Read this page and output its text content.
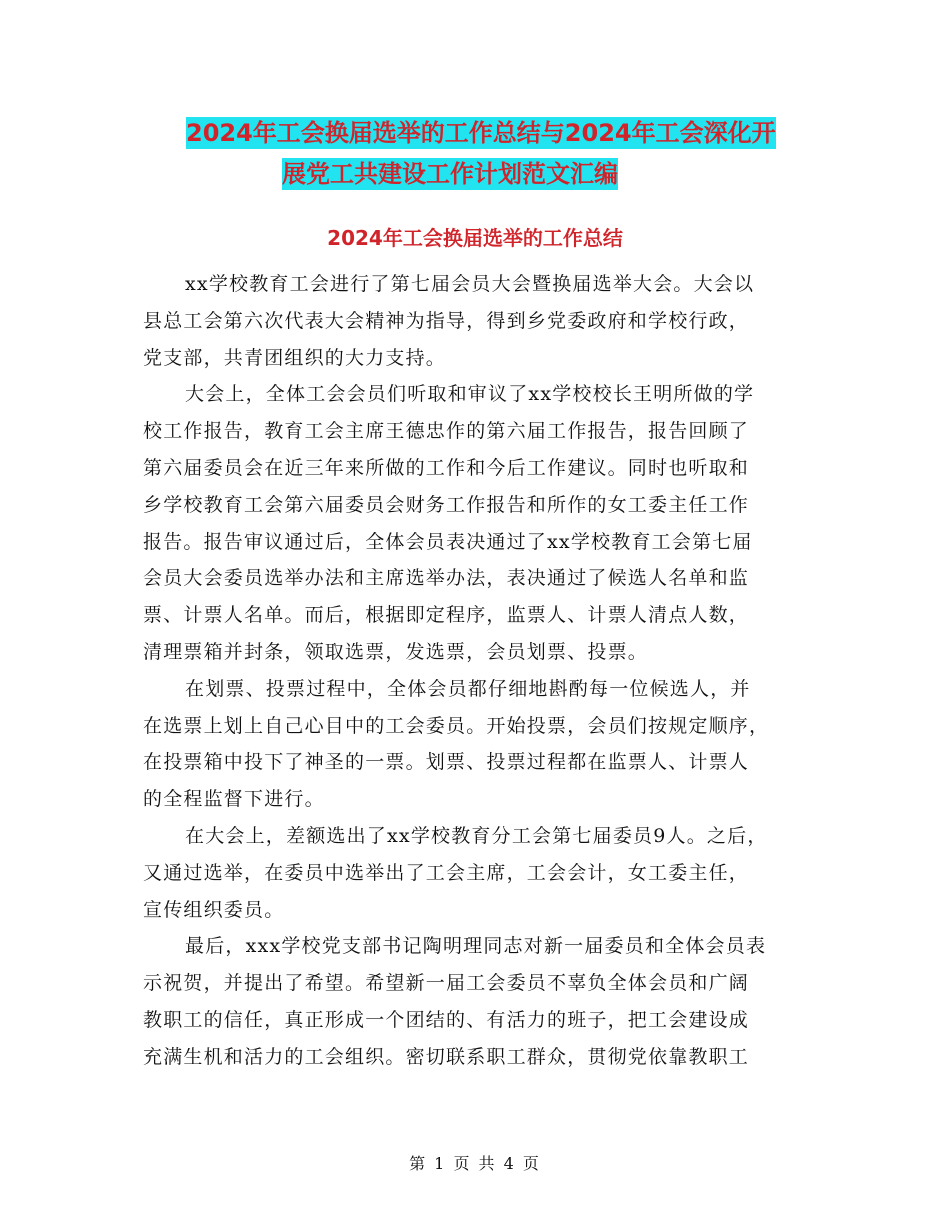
2024年工会换届选举的工作总结与2024年工会深化开
展党工共建设工作计划范文汇编
2024年工会换届选举的工作总结
xx学校教育工会进行了第七届会员大会暨换届选举大会。大会以
县总工会第六次代表大会精神为指导，得到乡党委政府和学校行政，
党支部，共青团组织的大力支持。
大会上，全体工会会员们听取和审议了xx学校校长王明所做的学
校工作报告，教育工会主席王德忠作的第六届工作报告，报告回顾了
第六届委员会在近三年来所做的工作和今后工作建议。同时也听取和
乡学校教育工会第六届委员会财务工作报告和所作的女工委主任工作
报告。报告审议通过后，全体会员表决通过了xx学校教育工会第七届
会员大会委员选举办法和主席选举办法，表决通过了候选人名单和监
票、计票人名单。而后，根据即定程序，监票人、计票人清点人数，
清理票箱并封条，领取选票，发选票，会员划票、投票。
在划票、投票过程中，全体会员都仔细地斟酌每一位候选人，并
在选票上划上自己心目中的工会委员。开始投票，会员们按规定顺序，
在投票箱中投下了神圣的一票。划票、投票过程都在监票人、计票人
的全程监督下进行。
在大会上，差额选出了xx学校教育分工会第七届委员9人。之后，
又通过选举，在委员中选举出了工会主席，工会会计，女工委主任，
宣传组织委员。
最后，xxx学校党支部书记陶明理同志对新一届委员和全体会员表
示祝贺，并提出了希望。希望新一届工会委员不辜负全体会员和广阔
教职工的信任，真正形成一个团结的、有活力的班子，把工会建设成
充满生机和活力的工会组织。密切联系职工群众，贯彻党依靠教职工
第 1 页 共 4 页
